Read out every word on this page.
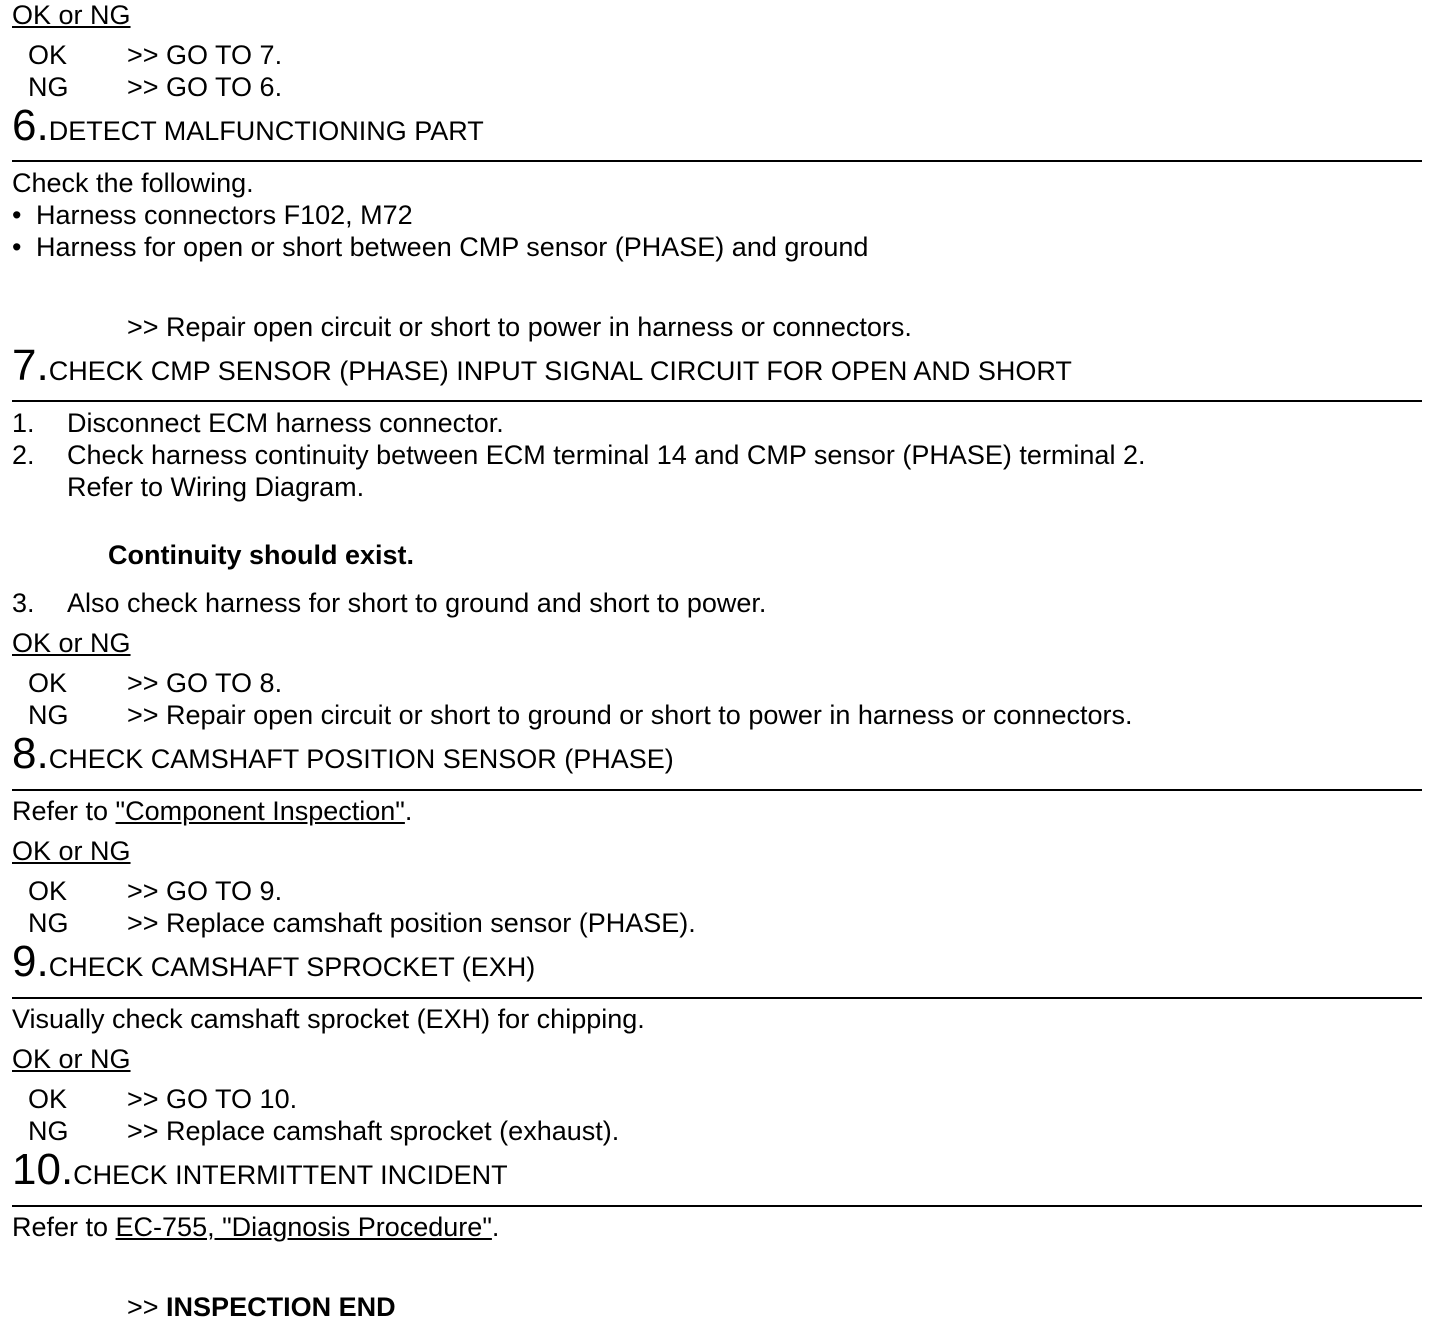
OK or NG
OK >> GO TO 7.
NG >> GO TO 6.
6.DETECT MALFUNCTIONING PART
Check the following.
• Harness connectors F102, M72
• Harness for open or short between CMP sensor (PHASE) and ground
>> Repair open circuit or short to power in harness or connectors.
7.CHECK CMP SENSOR (PHASE) INPUT SIGNAL CIRCUIT FOR OPEN AND SHORT
1. Disconnect ECM harness connector.
2. Check harness continuity between ECM terminal 14 and CMP sensor (PHASE) terminal 2.
Refer to Wiring Diagram.
Continuity should exist.
3. Also check harness for short to ground and short to power.
OK or NG
OK >> GO TO 8.
NG >> Repair open circuit or short to ground or short to power in harness or connectors.
8.CHECK CAMSHAFT POSITION SENSOR (PHASE)
Refer to "Component Inspection".
OK or NG
OK >> GO TO 9.
NG >> Replace camshaft position sensor (PHASE).
9.CHECK CAMSHAFT SPROCKET (EXH)
Visually check camshaft sprocket (EXH) for chipping.
OK or NG
OK >> GO TO 10.
NG >> Replace camshaft sprocket (exhaust).
10.CHECK INTERMITTENT INCIDENT
Refer to EC-755, "Diagnosis Procedure".
>> INSPECTION END
